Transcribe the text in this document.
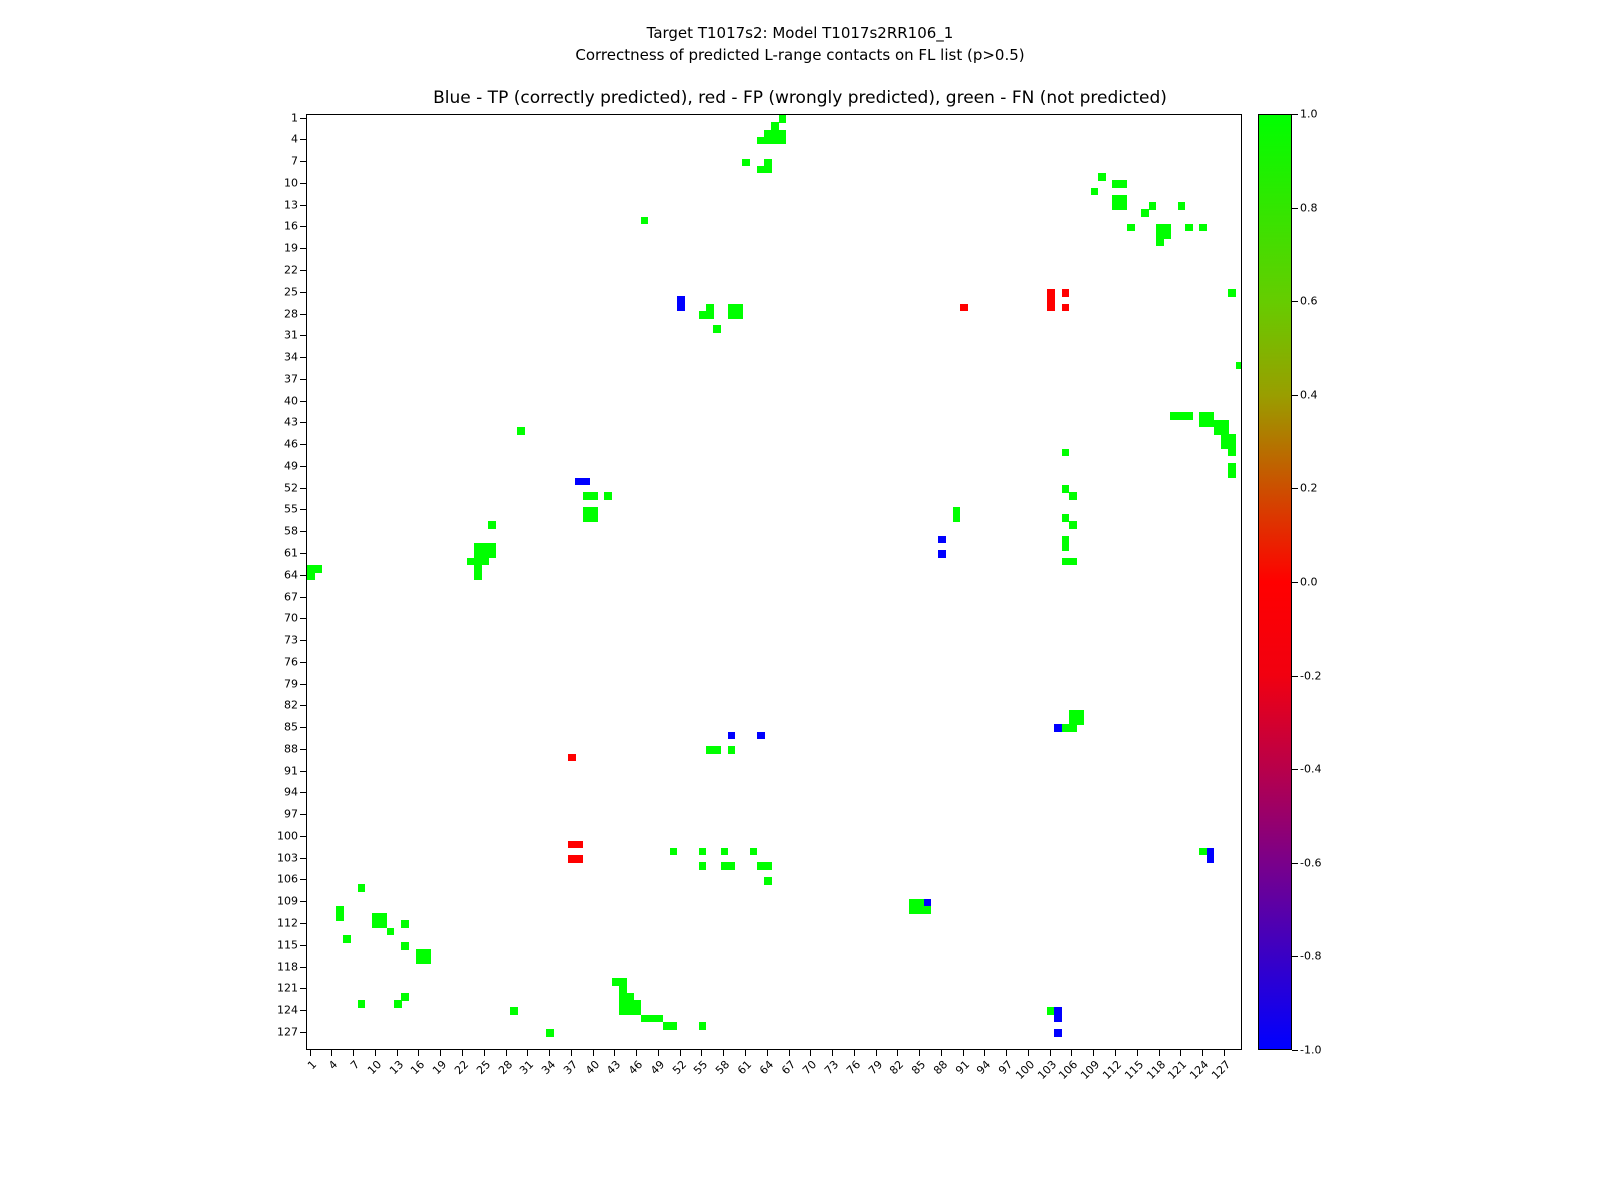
Target T1017s2: Model T1017s2RR106_1
Correctness of predicted L-range contacts on FL list (p>0.5)
Blue - TP (correctly predicted), red - FP (wrongly predicted), green - FN (not predicted)
1
4
7
10
13
16
19
22
25
28
31
34
37
40
43
46
49
52
55
58
61
64
67
70
73
76
79
82
85
88
91
94
97
100
103
106
109
112
115
118
121
124
127
1 4 7 10 13 16 19 22 25 28 31 34 37 40 43 46 49 52 55 58 61 64 67 70 73 76 79 82 85 88 91 94 97
100
103
106
109
112
115
118
121
124
127
1.0
0.8
0.6
0.4
0.2
0.0
-0.2
-0.4
-0.6
-0.8
-1.0
